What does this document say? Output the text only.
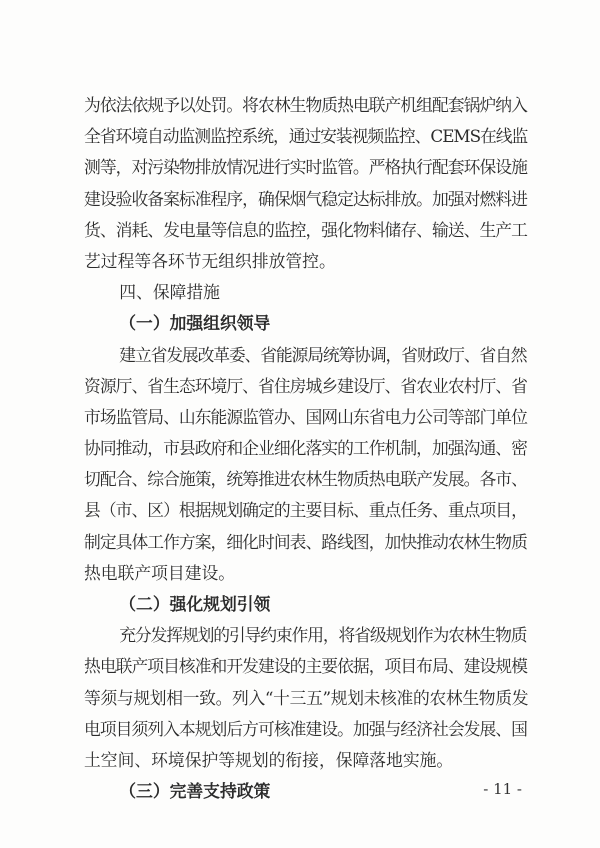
为依法依规予以处罚。将农林生物质热电联产机组配套锅炉纳入
全省环境自动监测监控系统，通过安装视频监控、CEMS在线监
测等，对污染物排放情况进行实时监管。严格执行配套环保设施
建设验收备案标准程序，确保烟气稳定达标排放。加强对燃料进
货、消耗、发电量等信息的监控，强化物料储存、输送、生产工
艺过程等各环节无组织排放管控。
四、保障措施
（一）加强组织领导
建立省发展改革委、省能源局统筹协调，省财政厅、省自然
资源厅、省生态环境厅、省住房城乡建设厅、省农业农村厅、省
市场监管局、山东能源监管办、国网山东省电力公司等部门单位
协同推动，市县政府和企业细化落实的工作机制，加强沟通、密
切配合、综合施策，统筹推进农林生物质热电联产发展。各市、
县（市、区）根据规划确定的主要目标、重点任务、重点项目，
制定具体工作方案，细化时间表、路线图，加快推动农林生物质
热电联产项目建设。
（二）强化规划引领
充分发挥规划的引导约束作用，将省级规划作为农林生物质
热电联产项目核准和开发建设的主要依据，项目布局、建设规模
等须与规划相一致。列入“十三五”规划未核准的农林生物质发
电项目须列入本规划后方可核准建设。加强与经济社会发展、国
土空间、环境保护等规划的衔接，保障落地实施。
（三）完善支持政策	- 11 -
